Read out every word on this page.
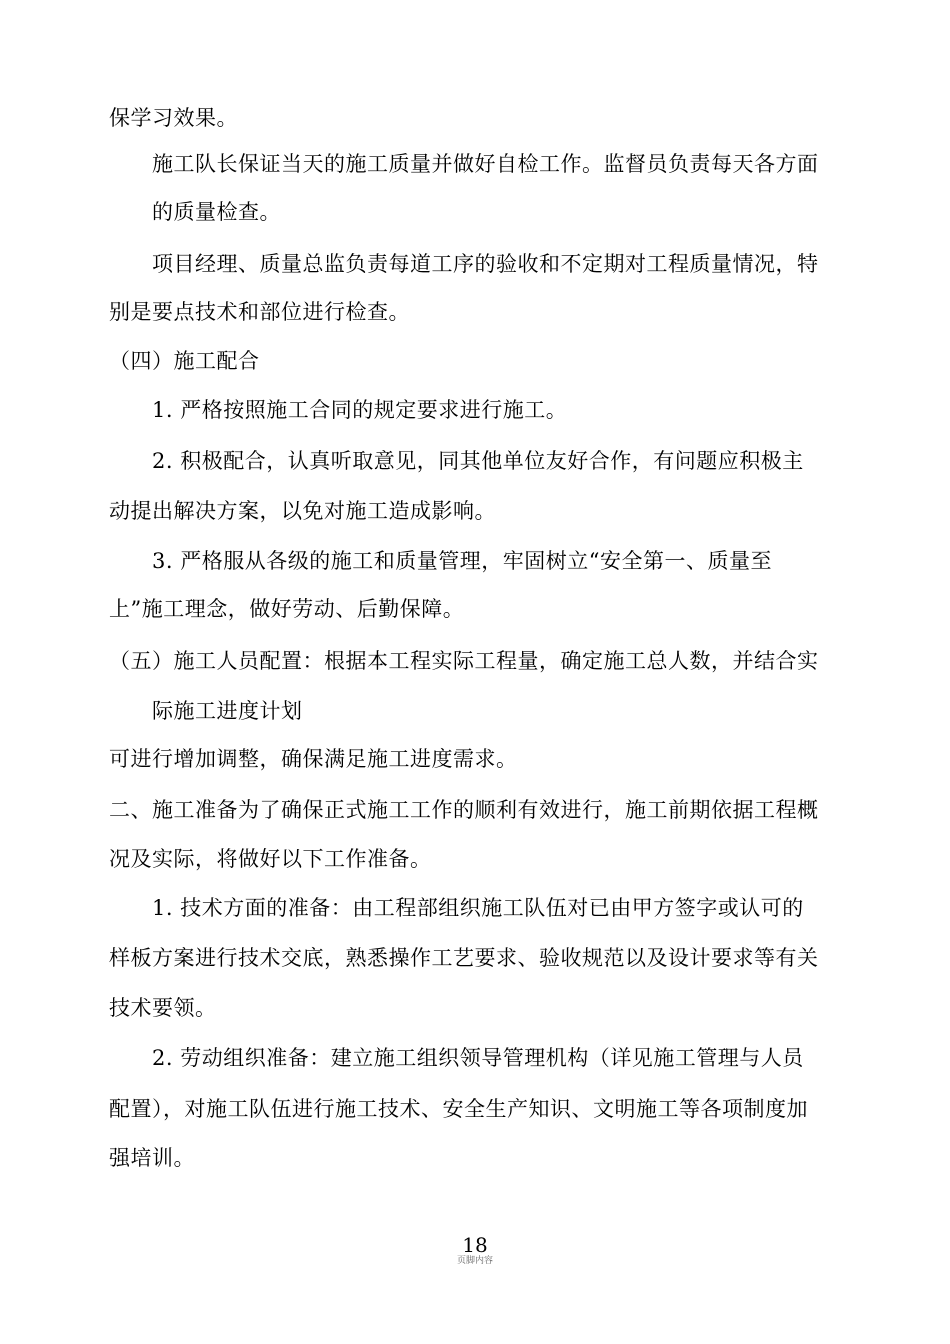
保学习效果。
施工队长保证当天的施工质量并做好自检工作。监督员负责每天各方面
的质量检查。
项目经理、质量总监负责每道工序的验收和不定期对工程质量情况，特
别是要点技术和部位进行检查。
（四）施工配合
1. 严格按照施工合同的规定要求进行施工。
2. 积极配合，认真听取意见，同其他单位友好合作，有问题应积极主
动提出解决方案，以免对施工造成影响。
3. 严格服从各级的施工和质量管理，牢固树立“安全第一、质量至
上”施工理念，做好劳动、后勤保障。
（五）施工人员配置：根据本工程实际工程量，确定施工总人数，并结合实
际施工进度计划
可进行增加调整，确保满足施工进度需求。
二、施工准备为了确保正式施工工作的顺利有效进行，施工前期依据工程概
况及实际，将做好以下工作准备。
1. 技术方面的准备：由工程部组织施工队伍对已由甲方签字或认可的
样板方案进行技术交底，熟悉操作工艺要求、验收规范以及设计要求等有关
技术要领。
2. 劳动组织准备：建立施工组织领导管理机构（详见施工管理与人员
配置），对施工队伍进行施工技术、安全生产知识、文明施工等各项制度加
强培训。
18
页脚内容
